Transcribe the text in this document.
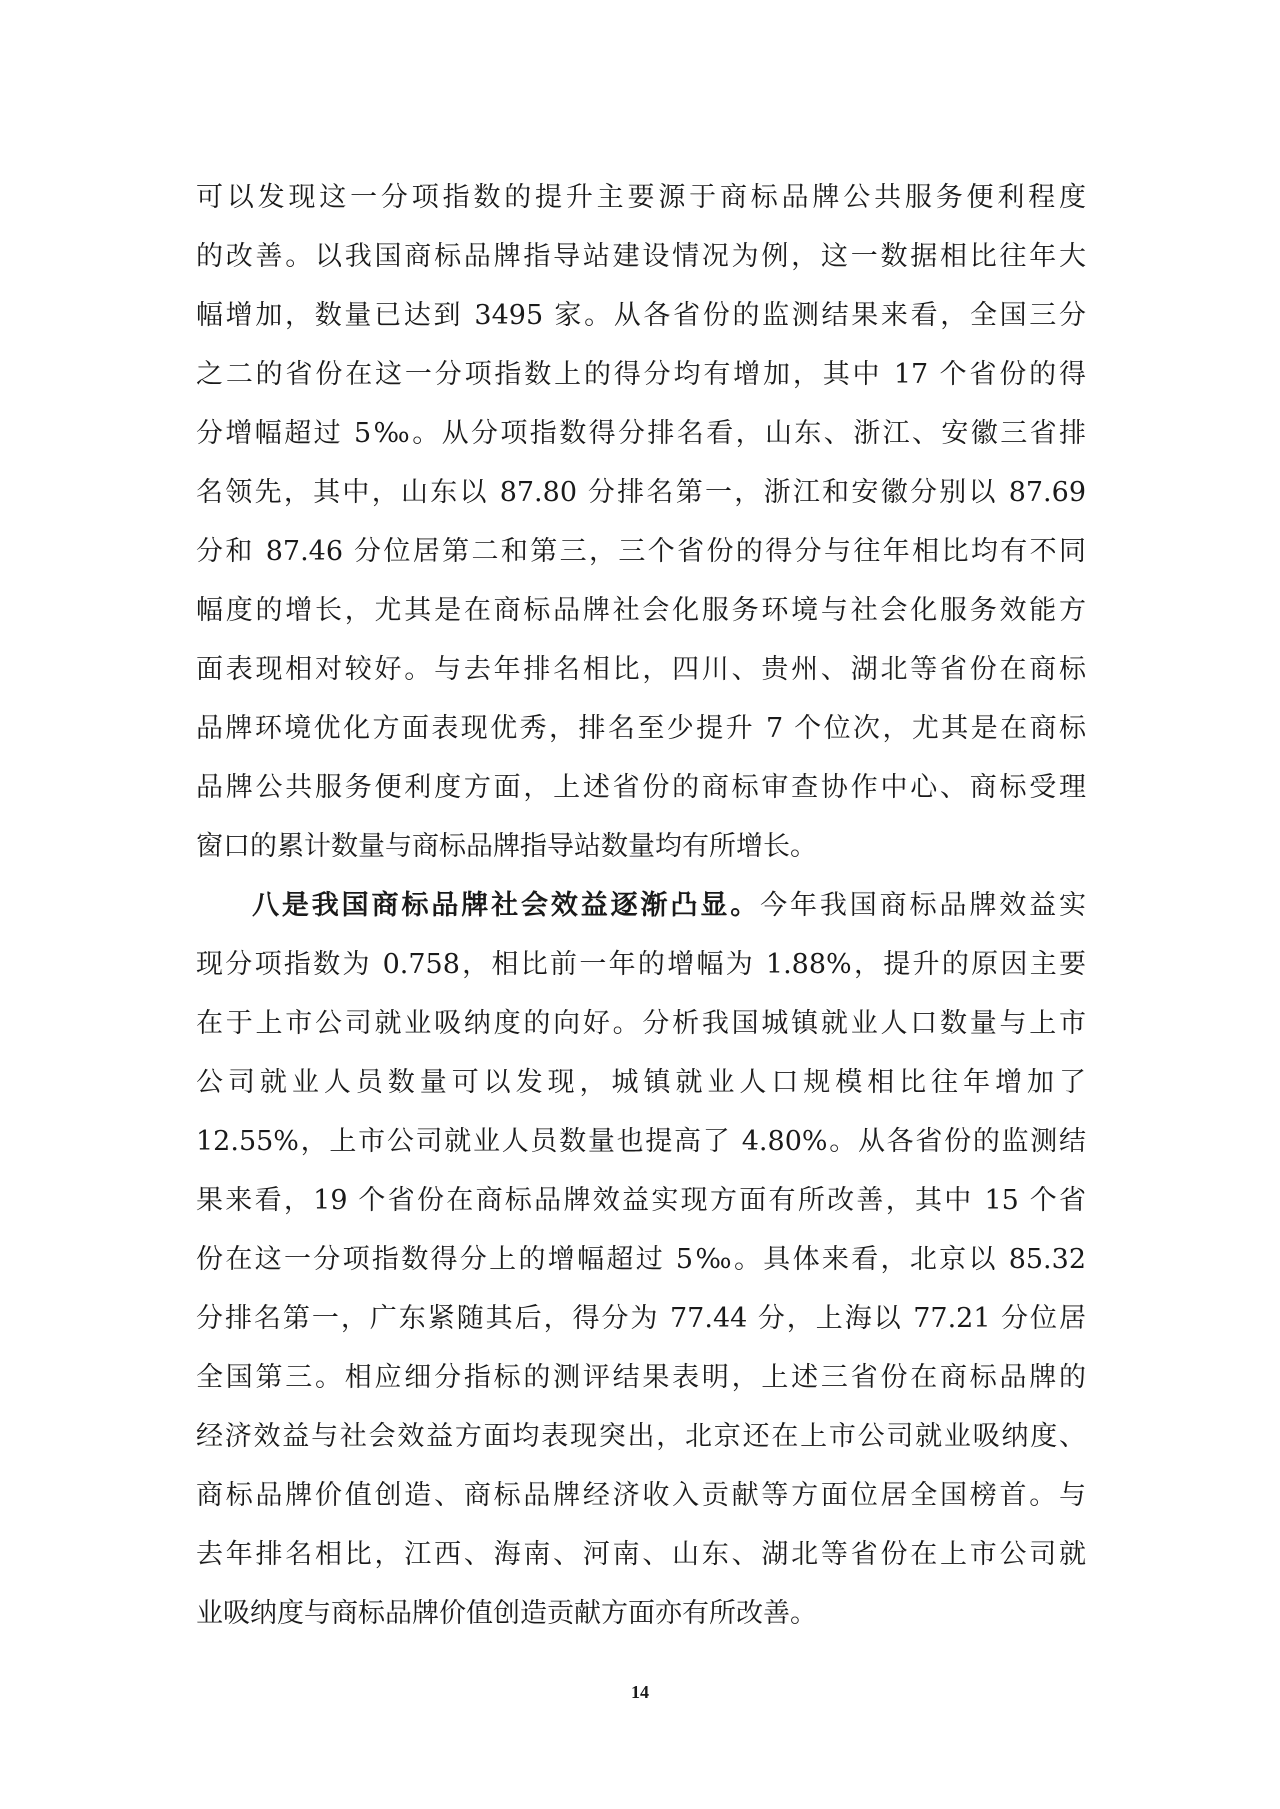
可以发现这一分项指数的提升主要源于商标品牌公共服务便利程度
的改善。以我国商标品牌指导站建设情况为例，这一数据相比往年大
幅增加，数量已达到 3495 家。从各省份的监测结果来看，全国三分
之二的省份在这一分项指数上的得分均有增加，其中 17 个省份的得
分增幅超过 5‰。从分项指数得分排名看，山东、浙江、安徽三省排
名领先，其中，山东以 87.80 分排名第一，浙江和安徽分别以 87.69
分和 87.46 分位居第二和第三，三个省份的得分与往年相比均有不同
幅度的增长，尤其是在商标品牌社会化服务环境与社会化服务效能方
面表现相对较好。与去年排名相比，四川、贵州、湖北等省份在商标
品牌环境优化方面表现优秀，排名至少提升 7 个位次，尤其是在商标
品牌公共服务便利度方面，上述省份的商标审查协作中心、商标受理
窗口的累计数量与商标品牌指导站数量均有所增长。
八是我国商标品牌社会效益逐渐凸显。今年我国商标品牌效益实
现分项指数为 0.758，相比前一年的增幅为 1.88%，提升的原因主要
在于上市公司就业吸纳度的向好。分析我国城镇就业人口数量与上市
公司就业人员数量可以发现，城镇就业人口规模相比往年增加了
12.55%，上市公司就业人员数量也提高了 4.80%。从各省份的监测结
果来看，19 个省份在商标品牌效益实现方面有所改善，其中 15 个省
份在这一分项指数得分上的增幅超过 5‰。具体来看，北京以 85.32
分排名第一，广东紧随其后，得分为 77.44 分，上海以 77.21 分位居
全国第三。相应细分指标的测评结果表明，上述三省份在商标品牌的
经济效益与社会效益方面均表现突出，北京还在上市公司就业吸纳度、
商标品牌价值创造、商标品牌经济收入贡献等方面位居全国榜首。与
去年排名相比，江西、海南、河南、山东、湖北等省份在上市公司就
业吸纳度与商标品牌价值创造贡献方面亦有所改善。
14
